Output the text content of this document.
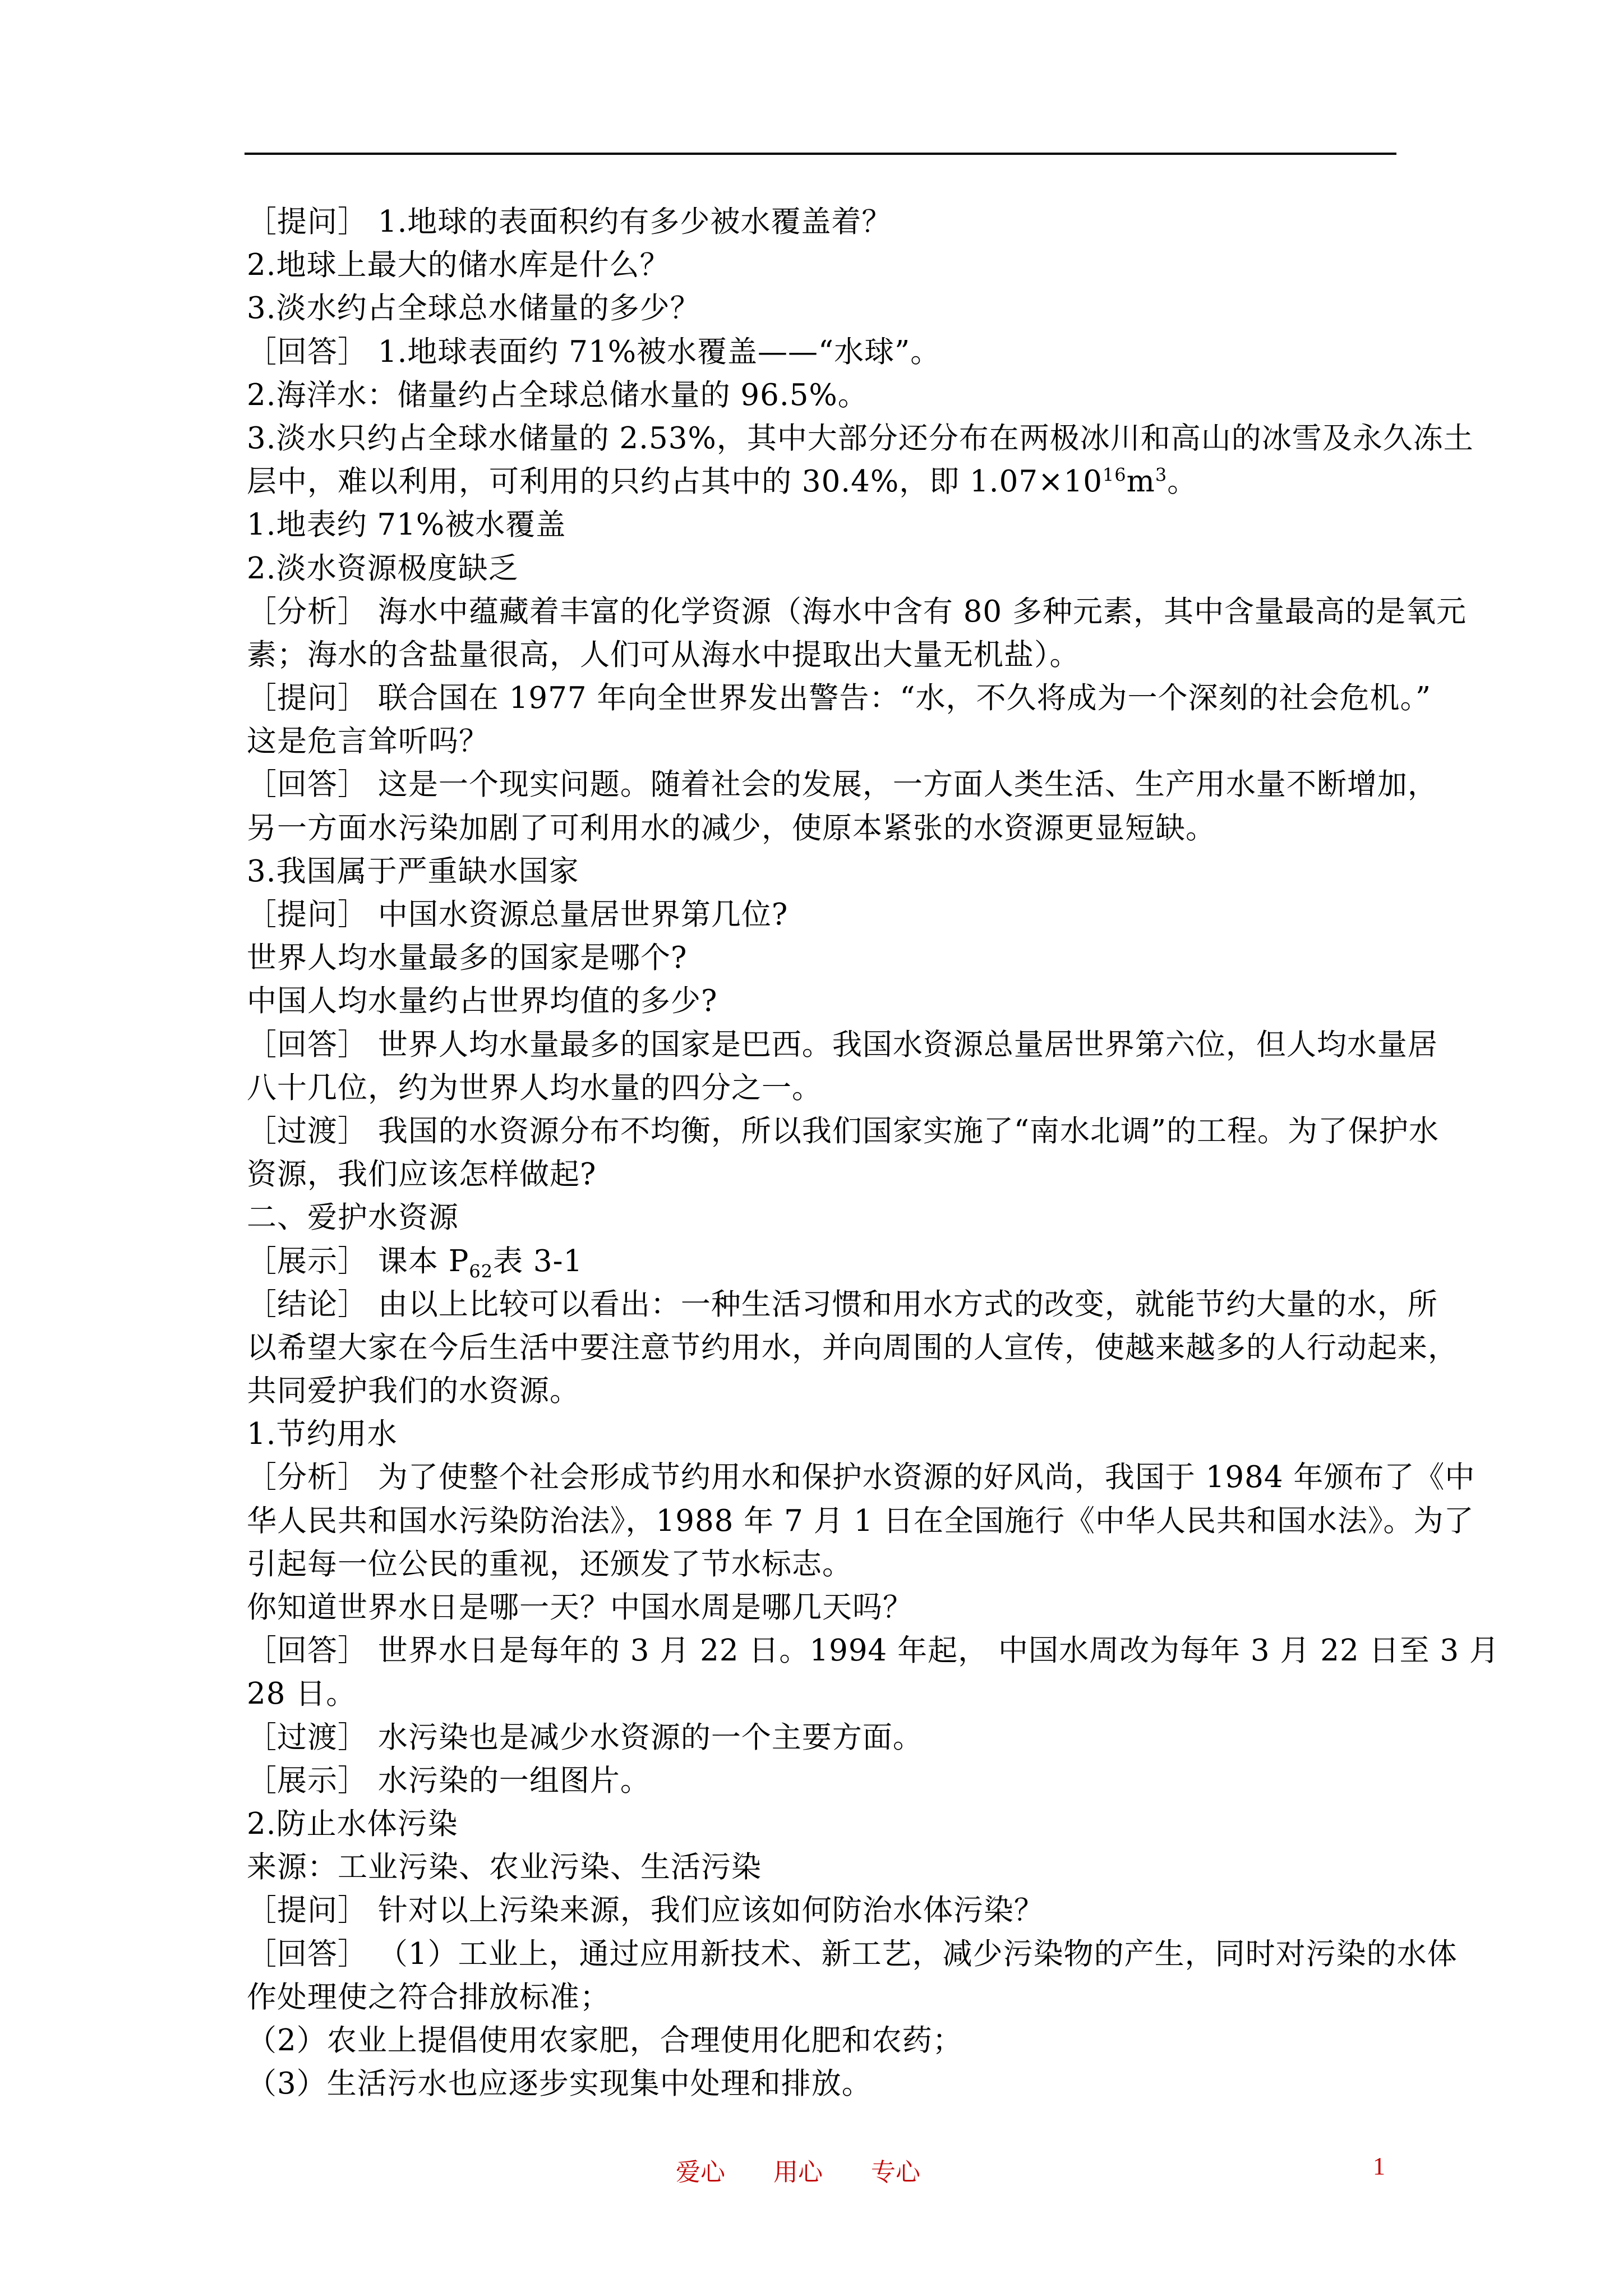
［提问］ 1.地球的表面积约有多少被水覆盖着？
2.地球上最大的储水库是什么？
3.淡水约占全球总水储量的多少？
［回答］ 1.地球表面约 71%被水覆盖——“水球”。
2.海洋水：储量约占全球总储水量的 96.5%。
3.淡水只约占全球水储量的 2.53%，其中大部分还分布在两极冰川和高山的冰雪及永久冻土
层中，难以利用，可利用的只约占其中的 30.4%，即 $1.07\times 10^{16}m^3$。
1.地表约 71%被水覆盖
2.淡水资源极度缺乏
［分析］ 海水中蕴藏着丰富的化学资源（海水中含有 80 多种元素，其中含量最高的是氧元
素；海水的含盐量很高，人们可从海水中提取出大量无机盐）。
［提问］ 联合国在 1977 年向全世界发出警告：“水，不久将成为一个深刻的社会危机。”
这是危言耸听吗？
［回答］ 这是一个现实问题。随着社会的发展，一方面人类生活、生产用水量不断增加，
另一方面水污染加剧了可利用水的减少，使原本紧张的水资源更显短缺。
3.我国属于严重缺水国家
［提问］ 中国水资源总量居世界第几位?
世界人均水量最多的国家是哪个?
中国人均水量约占世界均值的多少?
［回答］ 世界人均水量最多的国家是巴西。我国水资源总量居世界第六位，但人均水量居
八十几位，约为世界人均水量的四分之一。
［过渡］ 我国的水资源分布不均衡，所以我们国家实施了“南水北调”的工程。为了保护水
资源，我们应该怎样做起?
二、爱护水资源
［展示］ 课本 $P_{62}$表 3-1
［结论］ 由以上比较可以看出：一种生活习惯和用水方式的改变，就能节约大量的水，所
以希望大家在今后生活中要注意节约用水，并向周围的人宣传，使越来越多的人行动起来，
共同爱护我们的水资源。
1.节约用水
［分析］ 为了使整个社会形成节约用水和保护水资源的好风尚，我国于 1984 年颁布了《中
华人民共和国水污染防治法》，1988 年 7 月 1 日在全国施行《中华人民共和国水法》。为了
引起每一位公民的重视，还颁发了节水标志。
你知道世界水日是哪一天？中国水周是哪几天吗？
［回答］ 世界水日是每年的 3 月 22 日。1994 年起， 中国水周改为每年 3 月 22 日至 3 月
28 日。
［过渡］ 水污染也是减少水资源的一个主要方面。
［展示］ 水污染的一组图片。
2.防止水体污染
来源：工业污染、农业污染、生活污染
［提问］ 针对以上污染来源，我们应该如何防治水体污染？
［回答］ （1）工业上，通过应用新技术、新工艺，减少污染物的产生，同时对污染的水体
作处理使之符合排放标准；
（2）农业上提倡使用农家肥，合理使用化肥和农药；
（3）生活污水也应逐步实现集中处理和排放。
爱心 用心 专心	1
